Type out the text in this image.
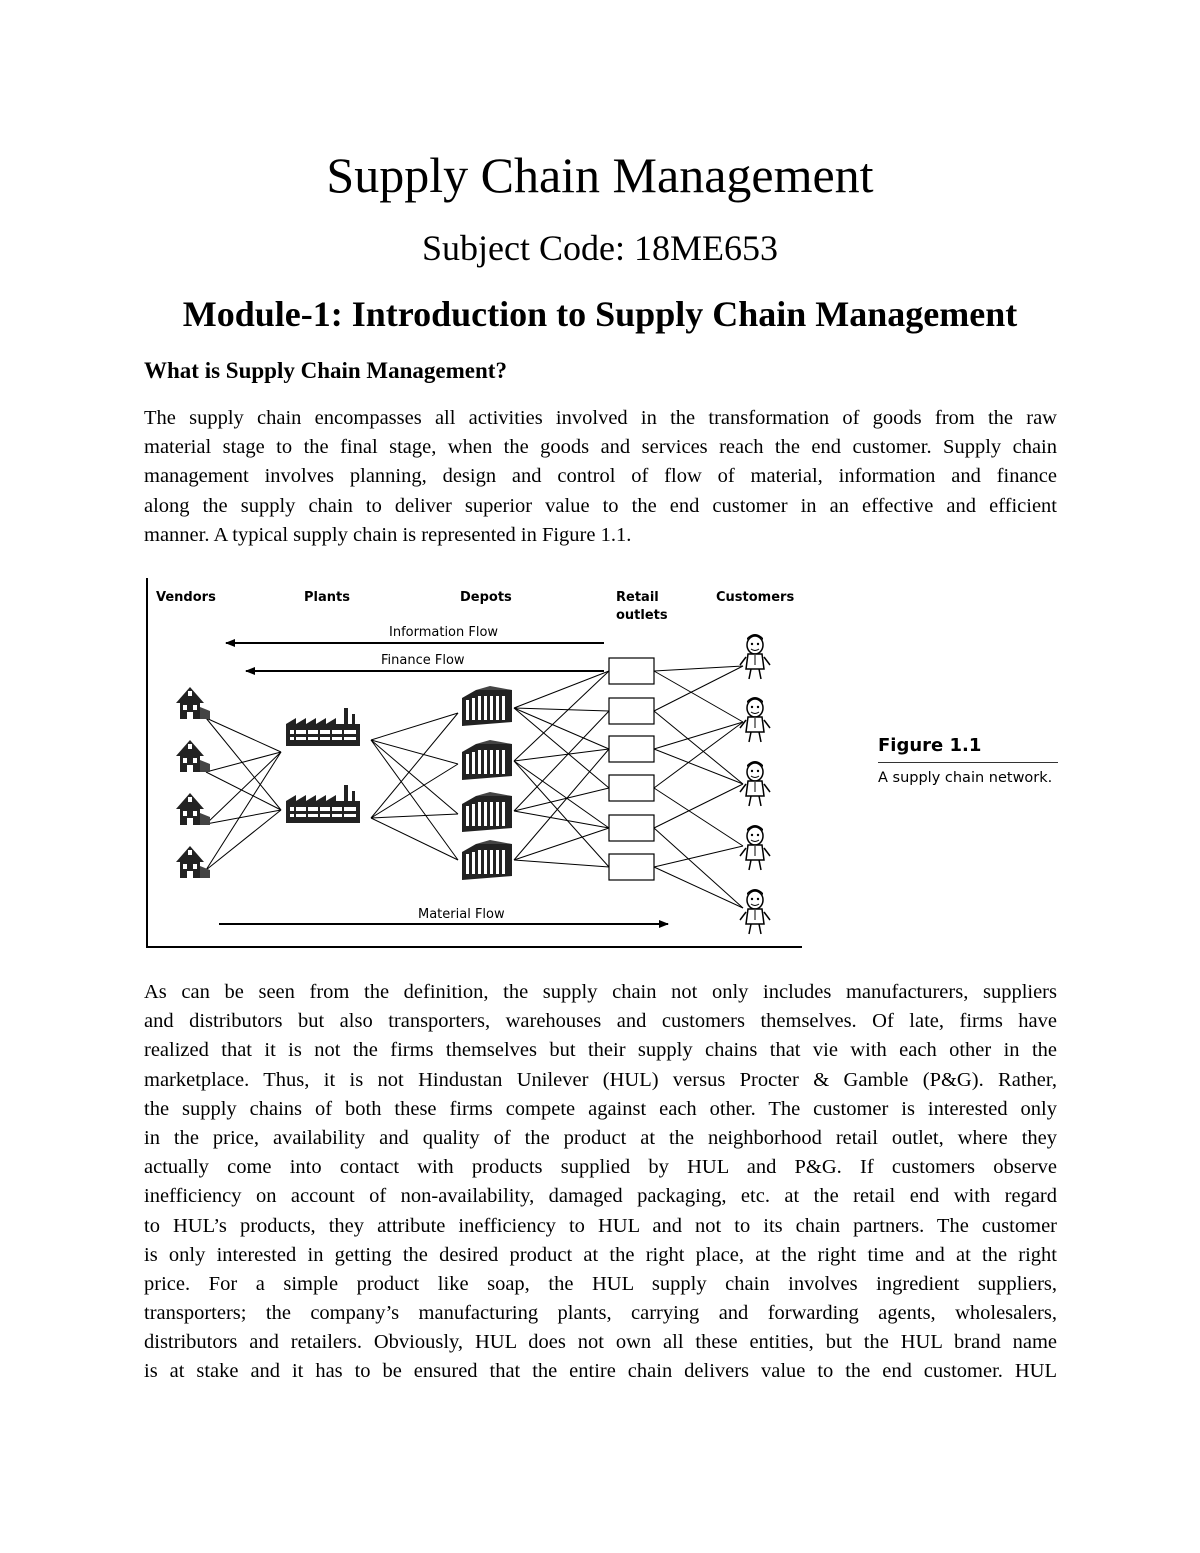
Supply Chain Management
Subject Code: 18ME653
Module-1: Introduction to Supply Chain Management
What is Supply Chain Management?
The supply chain encompasses all activities involved in the transformation of goods from the raw
material stage to the final stage, when the goods and services reach the end customer. Supply chain
management involves planning, design and control of flow of material, information and finance
along the supply chain to deliver superior value to the end customer in an effective and efficient
manner. A typical supply chain is represented in Figure 1.1.
Vendors	Plants	Depots	Retail
outlets
Customers
Information Flow
Finance Flow
Material Flow
Figure 1.1
A supply chain network.
As can be seen from the definition, the supply chain not only includes manufacturers, suppliers
and distributors but also transporters, warehouses and customers themselves. Of late, firms have
realized that it is not the firms themselves but their supply chains that vie with each other in the
marketplace. Thus, it is not Hindustan Unilever (HUL) versus Procter & Gamble (P&G). Rather,
the supply chains of both these firms compete against each other. The customer is interested only
in the price, availability and quality of the product at the neighborhood retail outlet, where they
actually come into contact with products supplied by HUL and P&G. If customers observe
inefficiency on account of non-availability, damaged packaging, etc. at the retail end with regard
to HUL’s products, they attribute inefficiency to HUL and not to its chain partners. The customer
is only interested in getting the desired product at the right place, at the right time and at the right
price. For a simple product like soap, the HUL supply chain involves ingredient suppliers,
transporters; the company’s manufacturing plants, carrying and forwarding agents, wholesalers,
distributors and retailers. Obviously, HUL does not own all these entities, but the HUL brand name
is at stake and it has to be ensured that the entire chain delivers value to the end customer. HUL
